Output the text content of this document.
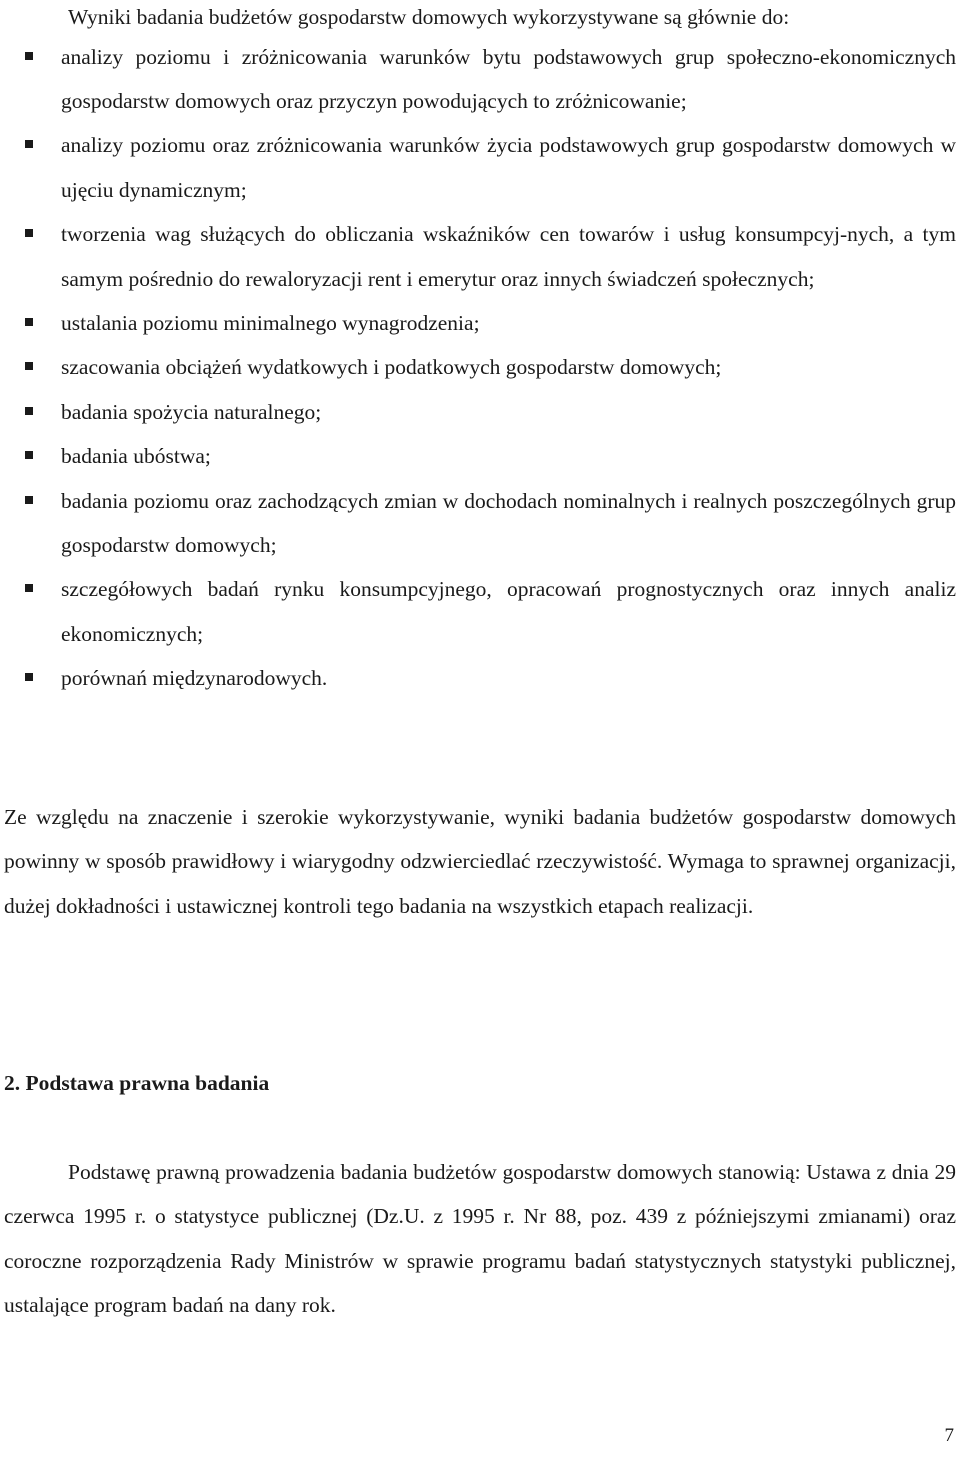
Wyniki badania budżetów gospodarstw domowych wykorzystywane są głównie do:

analizy poziomu i zróżnicowania warunków bytu podstawowych grup społeczno-ekonomicznych gospodarstw domowych oraz przyczyn powodujących to zróżnicowanie;
analizy poziomu oraz zróżnicowania warunków życia podstawowych grup gospodarstw domowych w ujęciu dynamicznym;
tworzenia wag służących do obliczania wskaźników cen towarów i usług konsumpcyj-nych, a tym samym pośrednio do rewaloryzacji rent i emerytur oraz innych świadczeń społecznych;
ustalania poziomu minimalnego wynagrodzenia;
szacowania obciążeń wydatkowych i podatkowych gospodarstw domowych;
badania spożycia naturalnego;
badania ubóstwa;
badania poziomu oraz zachodzących zmian w dochodach nominalnych i realnych poszczególnych grup gospodarstw domowych;
szczegółowych badań rynku konsumpcyjnego, opracowań prognostycznych oraz innych analiz ekonomicznych;
porównań międzynarodowych.

Ze względu na znaczenie i szerokie wykorzystywanie, wyniki badania budżetów gospodarstw domowych powinny w sposób prawidłowy i wiarygodny odzwierciedlać rzeczywistość. Wymaga to sprawnej organizacji, dużej dokładności i ustawicznej kontroli tego badania na wszystkich etapach realizacji.

2. Podstawa prawna badania

Podstawę prawną prowadzenia badania budżetów gospodarstw domowych stanowią: Ustawa z dnia 29 czerwca 1995 r. o statystyce publicznej (Dz.U. z 1995 r. Nr 88, poz. 439 z późniejszymi zmianami) oraz coroczne rozporządzenia Rady Ministrów w sprawie programu badań statystycznych statystyki publicznej, ustalające program badań na dany rok.

7
